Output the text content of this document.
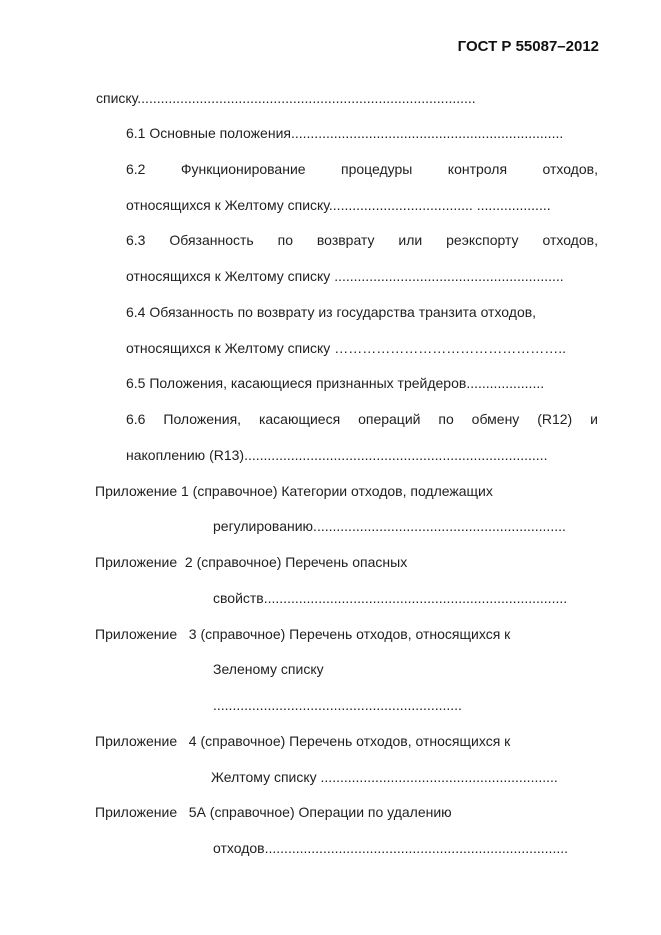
ГОСТ Р 55087–2012
списку.......................................................................................
6.1 Основные положения......................................................................
6.2	Функционирование	процедуры	контроля	отходов,
относящихся к Желтому списку..................................... ...................
6.3 Обязанность по возврату или реэкспорту отходов,
относящихся к Желтому списку ...........................................................
6.4 Обязанность по возврату из государства транзита отходов,
относящихся к Желтому списку …………………………………………..
6.5 Положения, касающиеся признанных трейдеров....................
6.6 Положения, касающиеся операций по обмену (R12) и
накоплению (R13)..............................................................................
Приложение 1 (справочное) Категории отходов, подлежащих
регулированию.................................................................
Приложение  2 (справочное) Перечень опасных
свойств..............................................................................
Приложение   3 (справочное) Перечень отходов, относящихся к
Зеленому списку
................................................................
Приложение   4 (справочное) Перечень отходов, относящихся к
Желтому списку .............................................................
Приложение   5А (справочное) Операции по удалению
отходов..............................................................................
